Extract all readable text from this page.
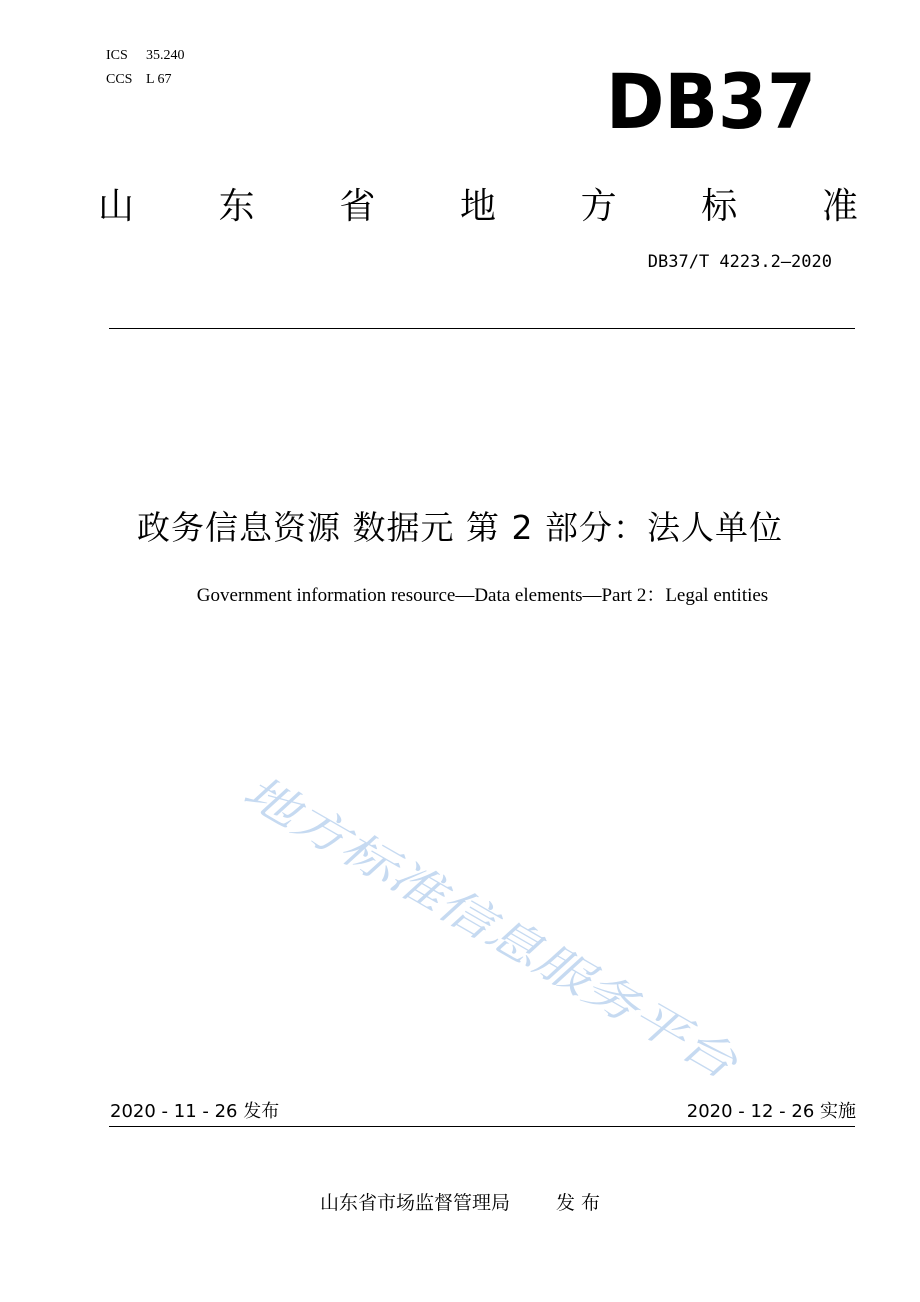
ICS 35.240
CCS L 67	DB37
山 东 省 地 方 标 准
DB37/T 4223.2—2020
政务信息资源 数据元 第 2 部分：法人单位
Government information resource—Data elements—Part 2：Legal entities
地方标准信息服务平台
2020 - 11 - 26 发布	2020 - 12 - 26 实施
山东省市场监督管理局 发 布
